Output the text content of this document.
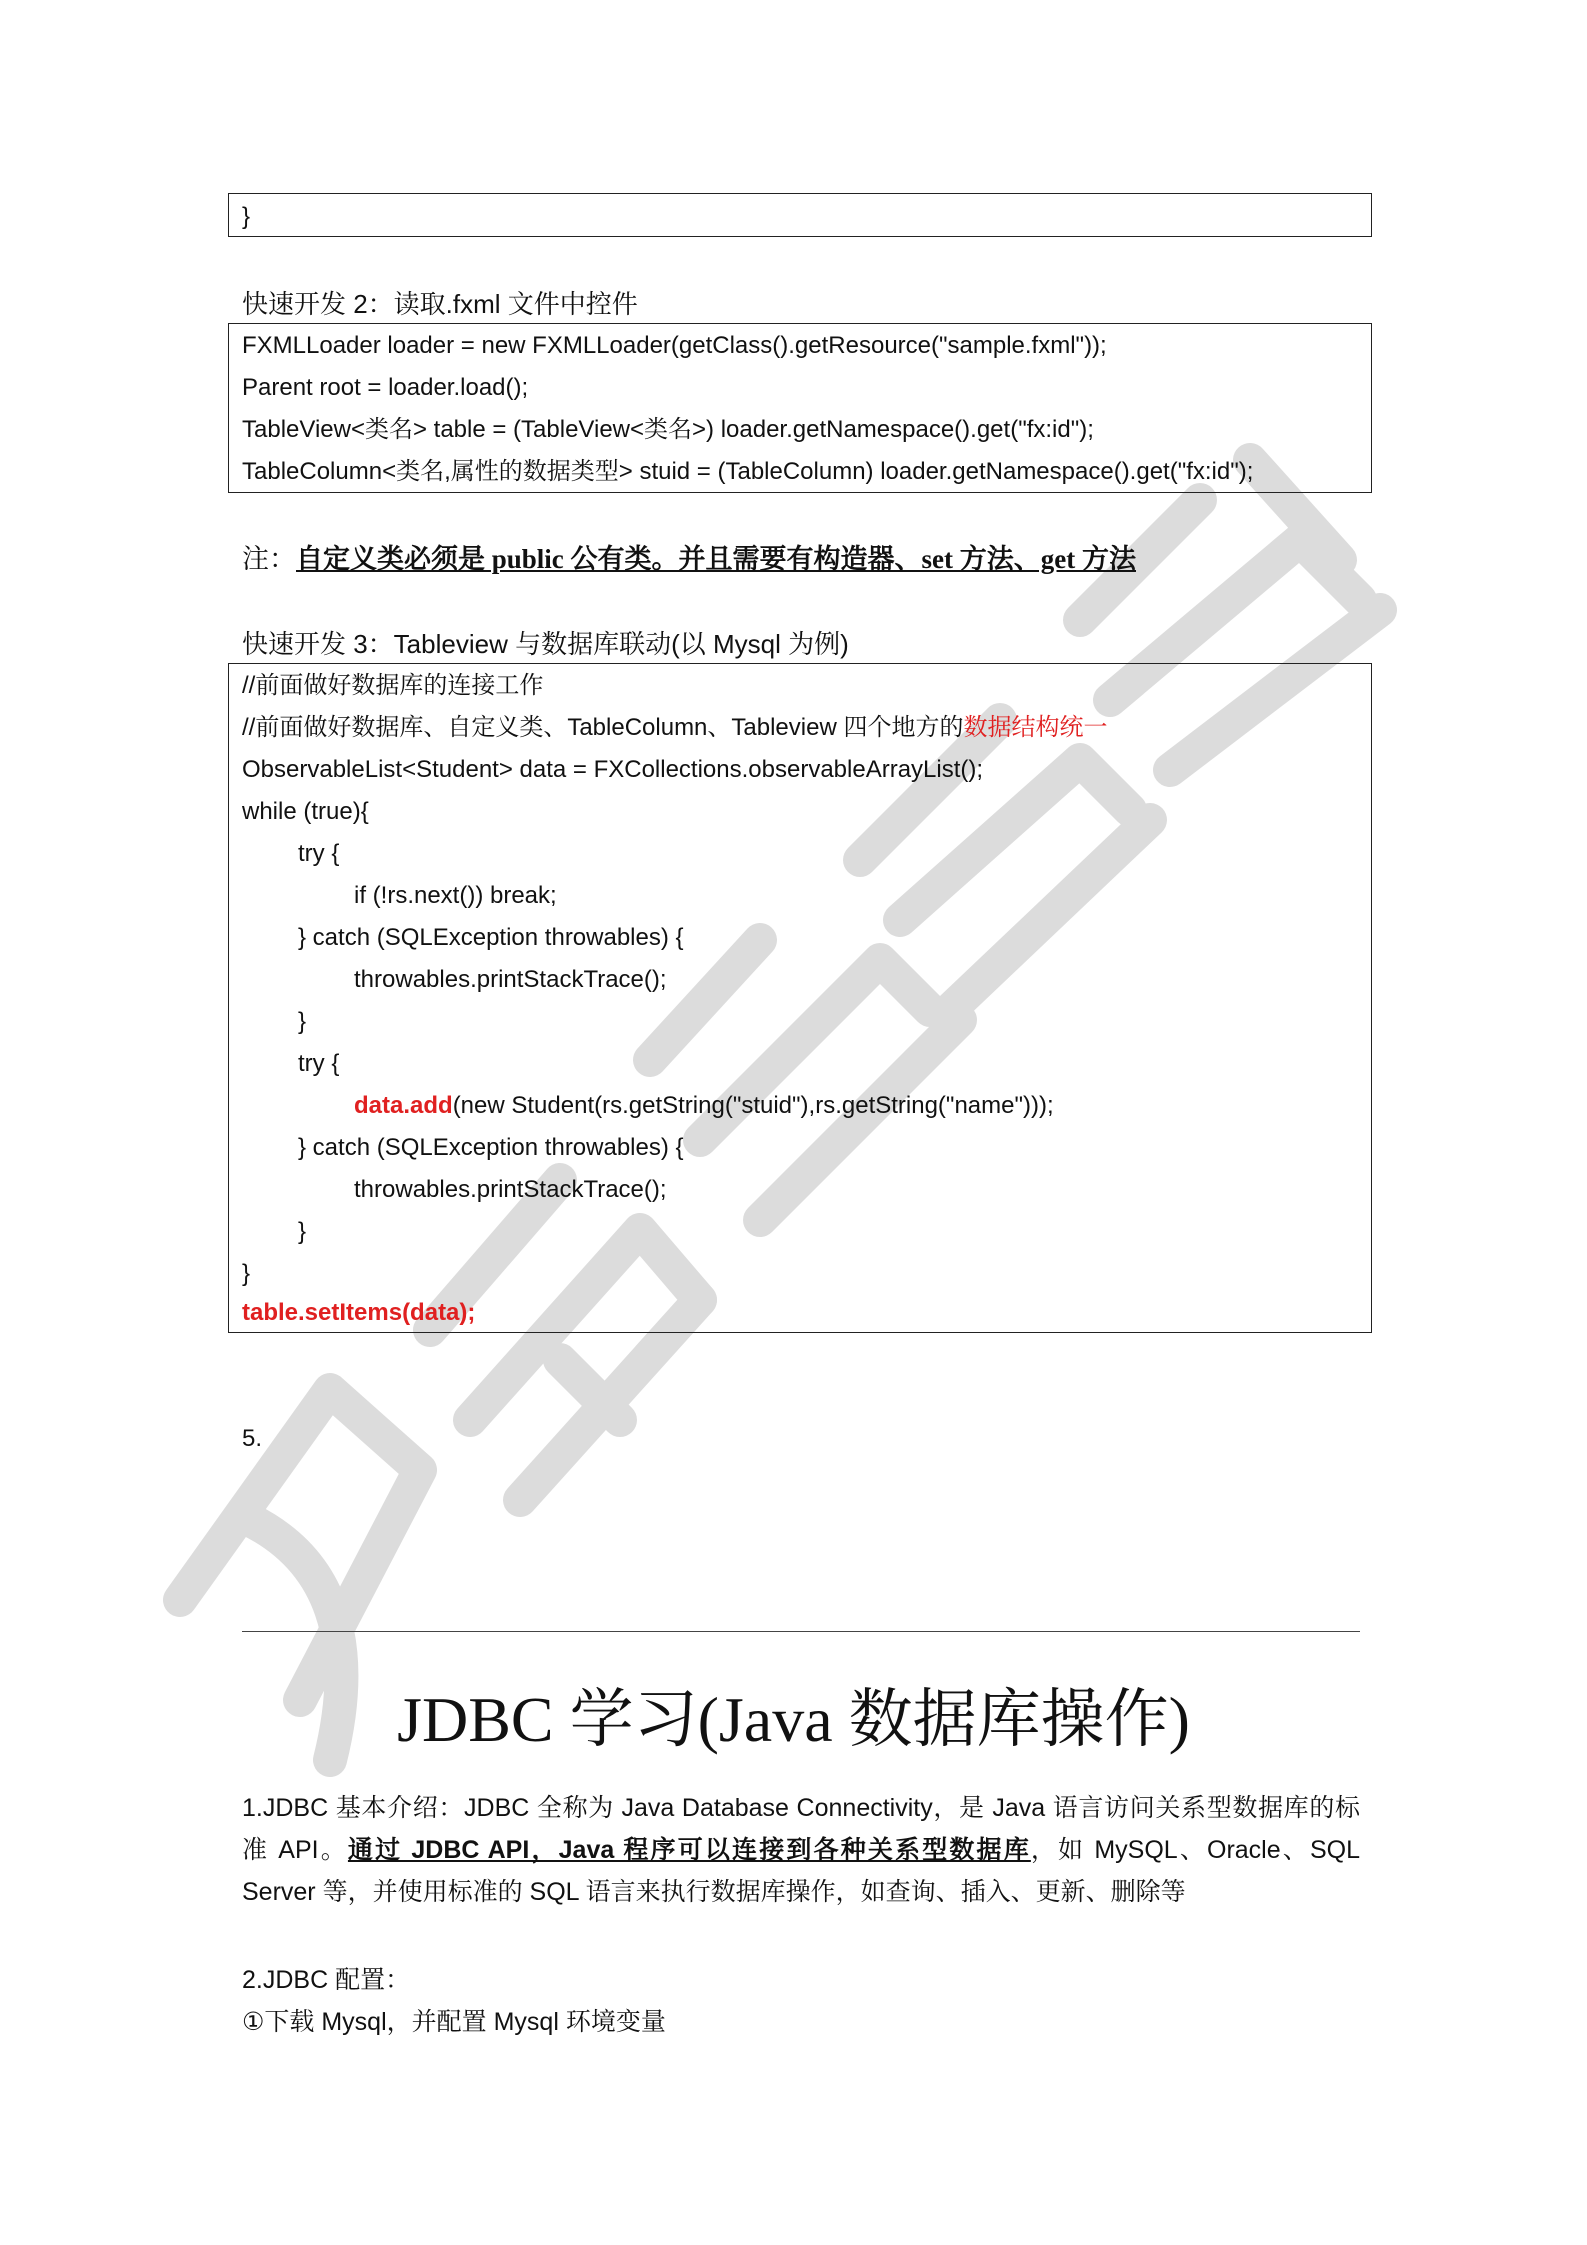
}
快速开发 2：读取.fxml 文件中控件
FXMLLoader loader = new FXMLLoader(getClass().getResource("sample.fxml"));
Parent root = loader.load();
TableView<类名> table = (TableView<类名>) loader.getNamespace().get("fx:id");
TableColumn<类名,属性的数据类型> stuid = (TableColumn) loader.getNamespace().get("fx:id");
注：自定义类必须是 public 公有类。并且需要有构造器、set 方法、get 方法
快速开发 3：Tableview 与数据库联动(以 Mysql 为例)
//前面做好数据库的连接工作
//前面做好数据库、自定义类、TableColumn、Tableview 四个地方的数据结构统一
ObservableList<Student> data = FXCollections.observableArrayList();
while (true){
try {
if (!rs.next()) break;
} catch (SQLException throwables) {
throwables.printStackTrace();
}
try {
data.add(new Student(rs.getString("stuid"),rs.getString("name")));
} catch (SQLException throwables) {
throwables.printStackTrace();
}
}
table.setItems(data);
5.
JDBC 学习(Java 数据库操作)
1.JDBC 基本介绍：JDBC 全称为 Java Database Connectivity，是 Java 语言访问关系型数据库的标准 API。通过 JDBC API，Java 程序可以连接到各种关系型数据库，如 MySQL、Oracle、SQL Server 等，并使用标准的 SQL 语言来执行数据库操作，如查询、插入、更新、删除等
2.JDBC 配置：
①下载 Mysql，并配置 Mysql 环境变量
